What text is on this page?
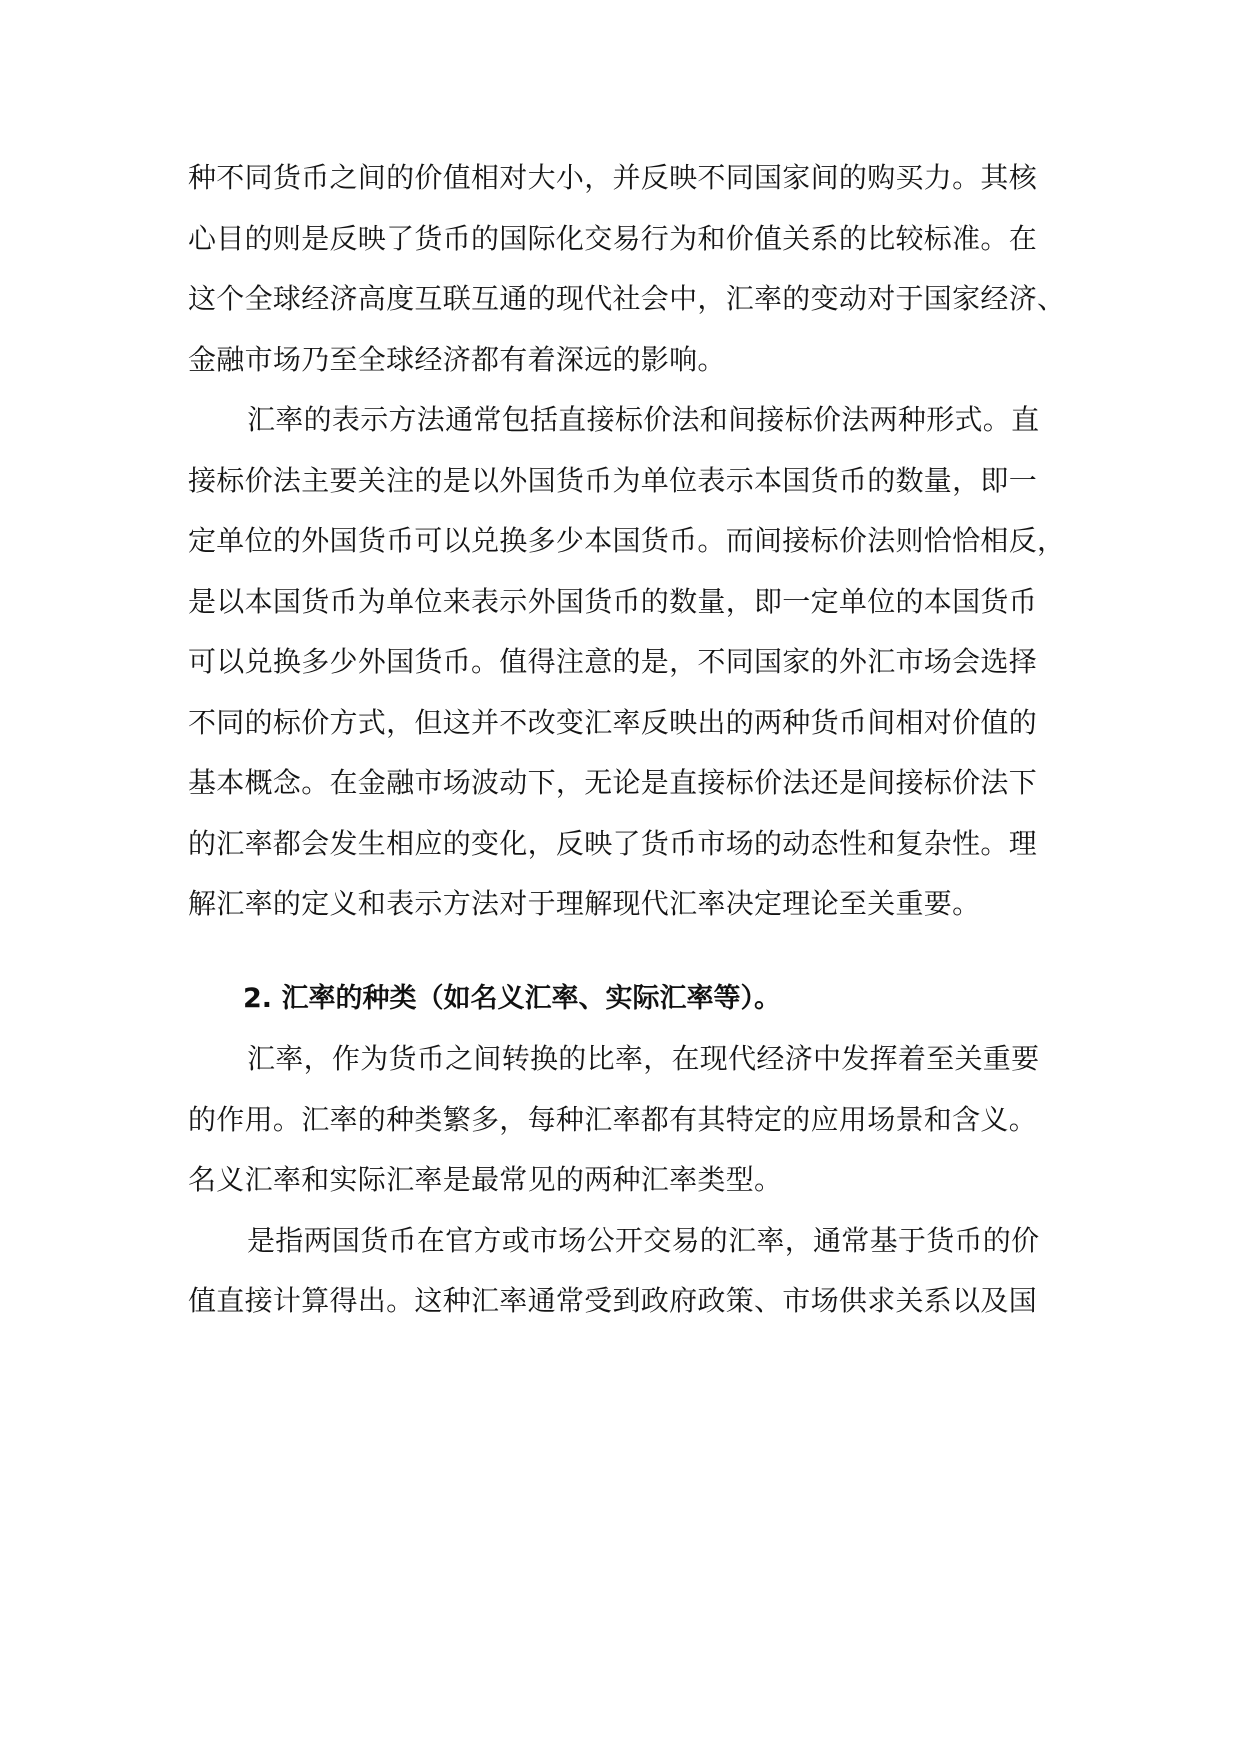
种不同货币之间的价值相对大小，并反映不同国家间的购买力。其核
心目的则是反映了货币的国际化交易行为和价值关系的比较标准。在
这个全球经济高度互联互通的现代社会中，汇率的变动对于国家经济、
金融市场乃至全球经济都有着深远的影响。
汇率的表示方法通常包括直接标价法和间接标价法两种形式。直
接标价法主要关注的是以外国货币为单位表示本国货币的数量，即一
定单位的外国货币可以兑换多少本国货币。而间接标价法则恰恰相反，
是以本国货币为单位来表示外国货币的数量，即一定单位的本国货币
可以兑换多少外国货币。值得注意的是，不同国家的外汇市场会选择
不同的标价方式，但这并不改变汇率反映出的两种货币间相对价值的
基本概念。在金融市场波动下，无论是直接标价法还是间接标价法下
的汇率都会发生相应的变化，反映了货币市场的动态性和复杂性。理
解汇率的定义和表示方法对于理解现代汇率决定理论至关重要。
2. 汇率的种类（如名义汇率、实际汇率等）。
汇率，作为货币之间转换的比率，在现代经济中发挥着至关重要
的作用。汇率的种类繁多，每种汇率都有其特定的应用场景和含义。
名义汇率和实际汇率是最常见的两种汇率类型。
是指两国货币在官方或市场公开交易的汇率，通常基于货币的价
值直接计算得出。这种汇率通常受到政府政策、市场供求关系以及国
